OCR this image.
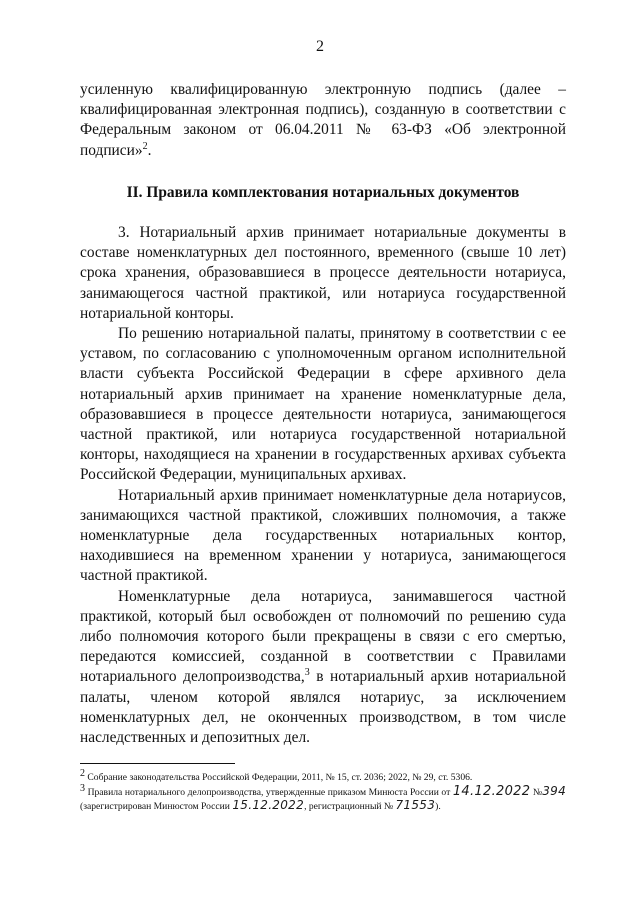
2

усиленную квалифицированную электронную подпись (далее – квалифицированная электронная подпись), созданную в соответствии с Федеральным законом от 06.04.2011 № 63-ФЗ «Об электронной подписи»$^2$.

II. Правила комплектования нотариальных документов

3. Нотариальный архив принимает нотариальные документы в составе номенклатурных дел постоянного, временного (свыше 10 лет) срока хранения, образовавшиеся в процессе деятельности нотариуса, занимающегося частной практикой, или нотариуса государственной нотариальной конторы.

По решению нотариальной палаты, принятому в соответствии с ее уставом, по согласованию с уполномоченным органом исполнительной власти субъекта Российской Федерации в сфере архивного дела нотариальный архив принимает на хранение номенклатурные дела, образовавшиеся в процессе деятельности нотариуса, занимающегося частной практикой, или нотариуса государственной нотариальной конторы, находящиеся на хранении в государственных архивах субъекта Российской Федерации, муниципальных архивах.

Нотариальный архив принимает номенклатурные дела нотариусов, занимающихся частной практикой, сложивших полномочия, а также номенклатурные дела государственных нотариальных контор, находившиеся на временном хранении у нотариуса, занимающегося частной практикой.

Номенклатурные дела нотариуса, занимавшегося частной практикой, который был освобожден от полномочий по решению суда либо полномочия которого были прекращены в связи с его смертью, передаются комиссией, созданной в соответствии с Правилами нотариального делопроизводства,$^3$ в нотариальный архив нотариальной палаты, членом которой являлся нотариус, за исключением номенклатурных дел, не оконченных производством, в том числе наследственных и депозитных дел.

$^2$ Собрание законодательства Российской Федерации, 2011, № 15, ст. 2036; 2022, № 29, ст. 5306.

$^3$ Правила нотариального делопроизводства, утвержденные приказом Минюста России от 14.12.2022 №394 (зарегистрирован Минюстом России 15.12.2022, регистрационный № 71553).
